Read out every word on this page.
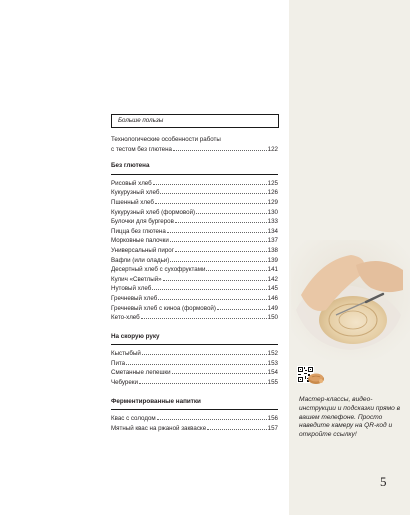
Больше пользы
Технологические особенности работы
с тестом без глютена	122
Без глютена
Рисовый хлеб	125
Кукурузный хлеб	126
Пшенный хлеб	129
Кукурузный хлеб (формовой)	130
Булочки для бургеров	133
Пицца без глютена	134
Морковные палочки	137
Универсальный пирог	138
Вафли (или оладьи)	139
Десертный хлеб с сухофруктами	141
Кулич «Светлый»	142
Нутовый хлеб	145
Гречневый хлеб	146
Гречневый хлеб с киноа (формовой)	149
Кето-хлеб	150
На скорую руку
Кыстыбый	152
Пита	153
Сметанные лепешки	154
Чебуреки	155
Ферментированные напитки
Квас с солодом	156
Мятный квас на ржаной закваске	157
Мастер-классы, видео-инструкции и подсказки прямо в вашем телефоне. Просто наведите камеру на QR-код и откройте ссылку!
5
